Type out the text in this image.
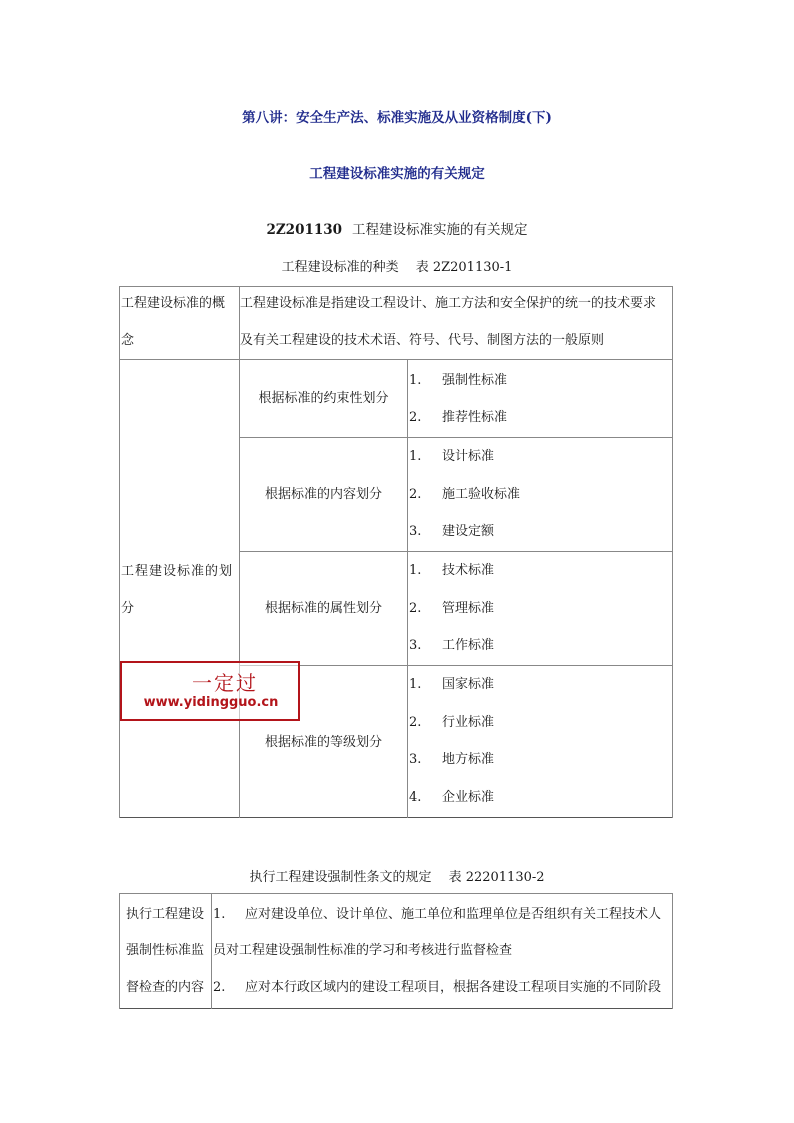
第八讲：安全生产法、标准实施及从业资格制度(下)
工程建设标准实施的有关规定
2Z201130 工程建设标准实施的有关规定
工程建设标准的种类　 表 2Z201130-1
工程建设标准的概
念
工程建设标准是指建设工程设计、施工方法和安全保护的统一的技术要求
及有关工程建设的技术术语、符号、代号、制图方法的一般原则
工程建设标准的划
分
根据标准的约束性划分
1. 强制性标准
2. 推荐性标准
根据标准的内容划分
1. 设计标准
2. 施工验收标准
3. 建设定额
根据标准的属性划分
1. 技术标准
2. 管理标准
3. 工作标准
根据标准的等级划分
1. 国家标准
2. 行业标准
3. 地方标准
4. 企业标准
一定过
www.yidingguo.cn
执行工程建设强制性条文的规定　 表 22201130-2
执行工程建设
强制性标准监
督检查的内容
1. 应对建设单位、设计单位、施工单位和监理单位是否组织有关工程技术人
员对工程建设强制性标准的学习和考核进行监督检查
2. 应对本行政区域内的建设工程项目，根据各建设工程项目实施的不同阶段
